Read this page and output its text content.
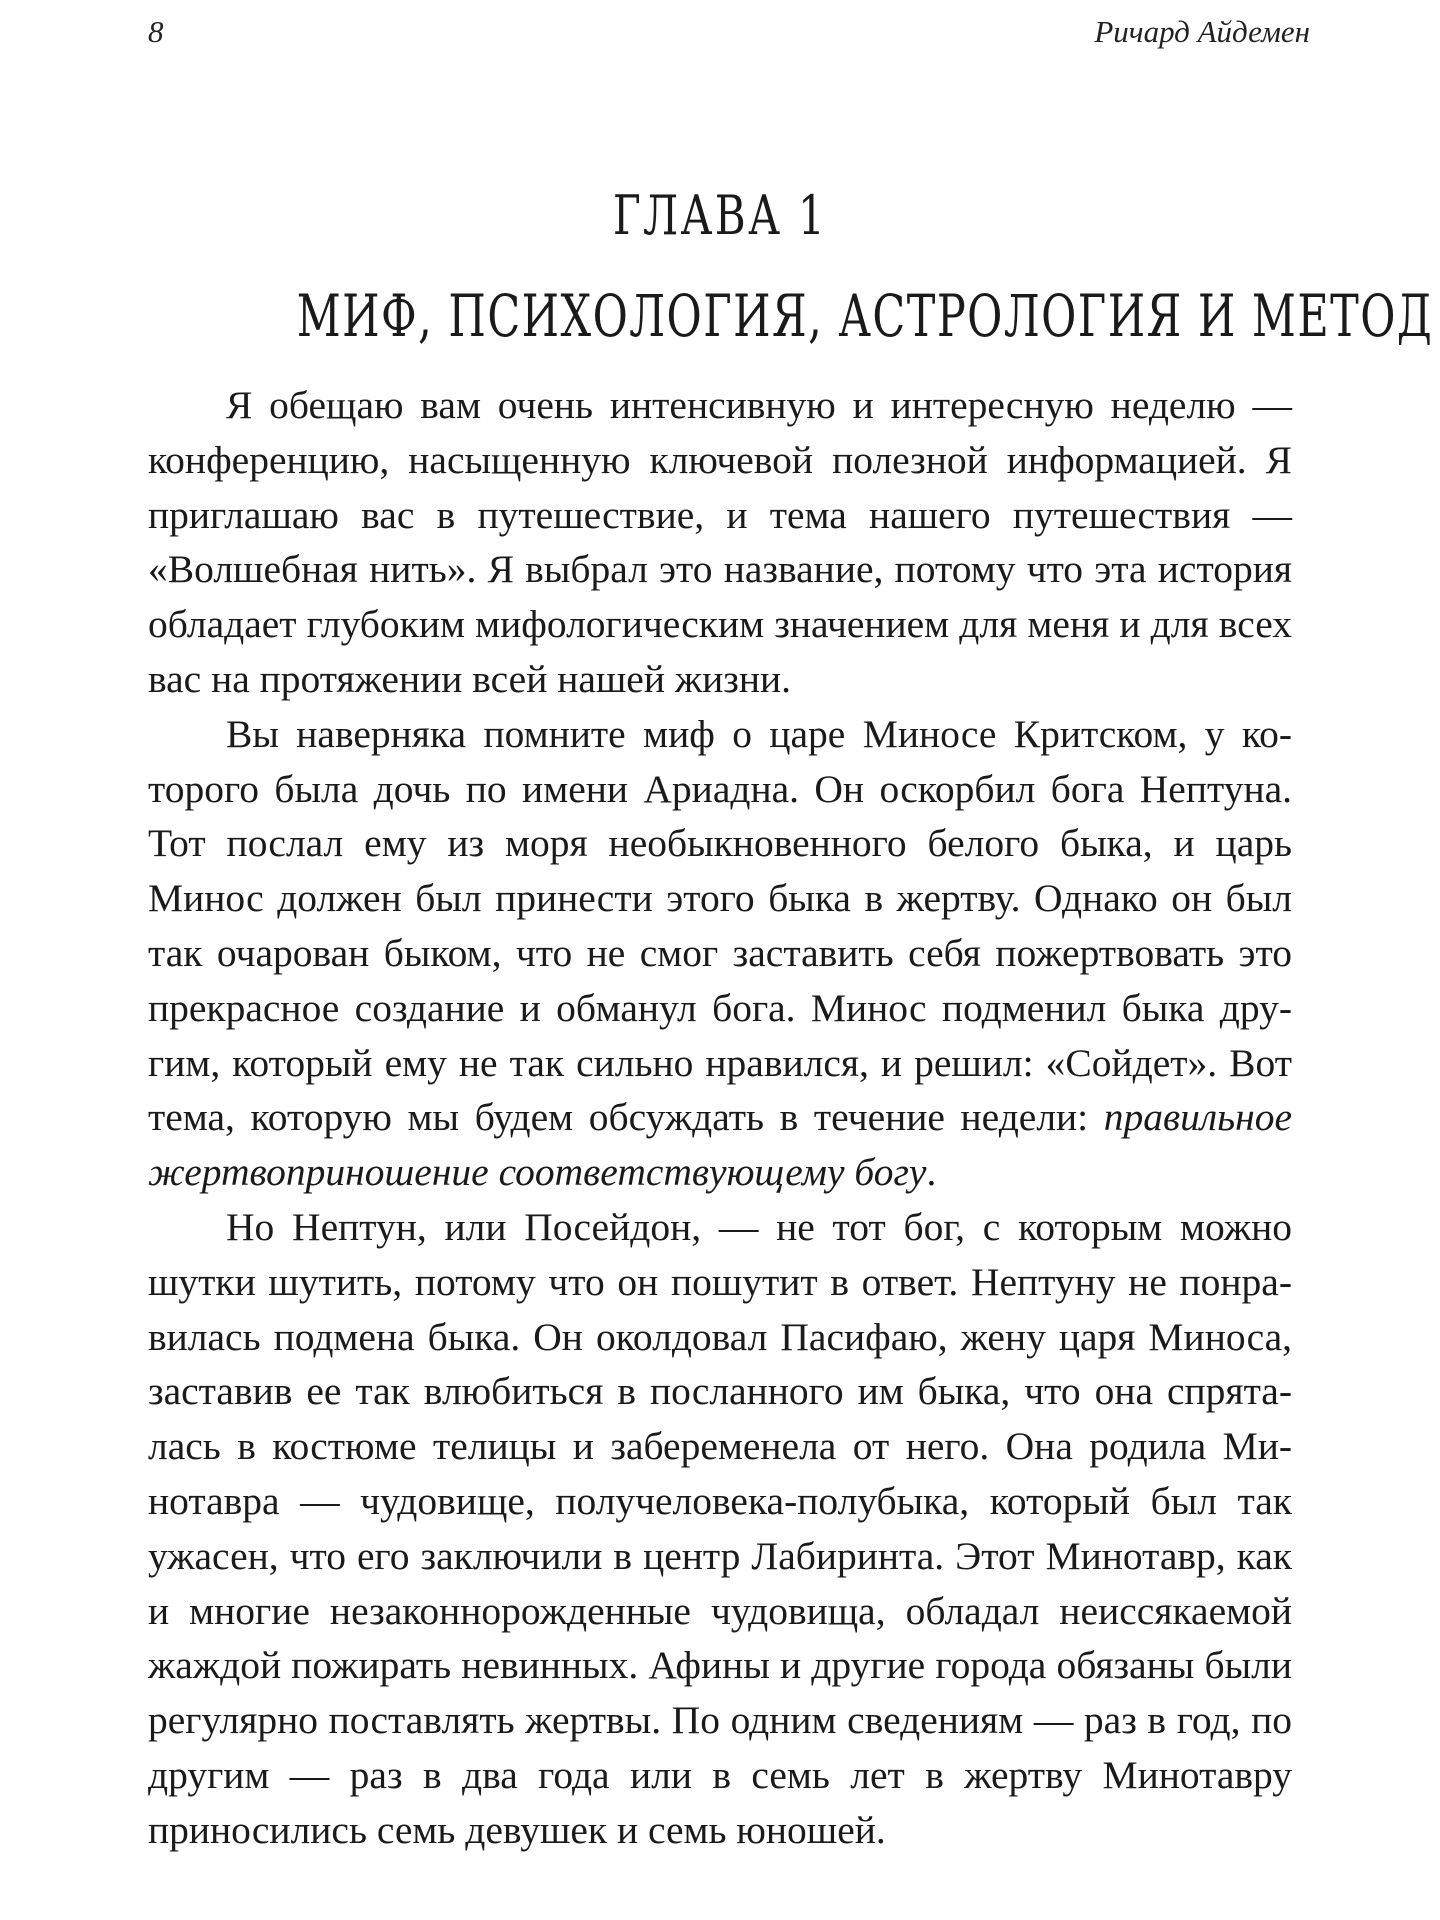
8	Ричард Айдемен
ГЛАВА 1
МИФ, ПСИХОЛОГИЯ, АСТРОЛОГИЯ И МЕТОД

Я обещаю вам очень интенсивную и интересную неделю — конференцию, насыщенную ключевой полезной информацией. Я приглашаю вас в путешествие, и тема нашего путешествия — «Волшебная нить». Я выбрал это название, потому что эта история обладает глубоким мифологическим значением для меня и для всех вас на протяжении всей нашей жизни.

Вы наверняка помните миф о царе Миносе Критском, у которого была дочь по имени Ариадна. Он оскорбил бога Нептуна. Тот послал ему из моря необыкновенного белого быка, и царь Минос должен был принести этого быка в жертву. Однако он был так очарован быком, что не смог заставить себя пожертвовать это прекрасное создание и обманул бога. Минос подменил быка другим, который ему не так сильно нравился, и решил: «Сойдет». Вот тема, которую мы будем обсуждать в течение недели: правильное жертвоприношение соответствующему богу.

Но Нептун, или Посейдон, — не тот бог, с которым можно шутки шутить, потому что он пошутит в ответ. Нептуну не понравилась подмена быка. Он околдовал Пасифаю, жену царя Миноса, заставив ее так влюбиться в посланного им быка, что она спряталась в костюме телицы и забеременела от него. Она родила Минотавра — чудовище, получеловека-полубыка, который был так ужасен, что его заключили в центр Лабиринта. Этот Минотавр, как и многие незаконнорожденные чудовища, обладал неиссякаемой жаждой пожирать невинных. Афины и другие города обязаны были регулярно поставлять жертвы. По одним сведениям — раз в год, по другим — раз в два года или в семь лет в жертву Минотавру приносились семь девушек и семь юношей.
